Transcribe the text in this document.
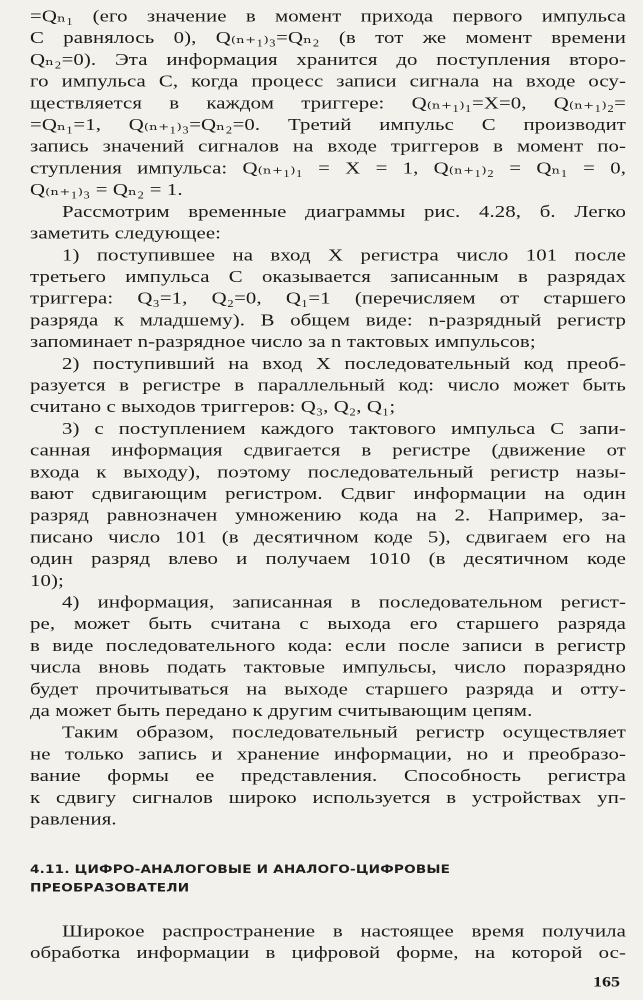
=Qₙ₁ (его значение в момент прихода первого импульса
C равнялось 0), Q₍ₙ₊₁₎₃=Qₙ₂ (в тот же момент времени
Qₙ₂=0). Эта информация хранится до поступления второ-
го импульса C, когда процесс записи сигнала на входе осу-
ществляется в каждом триггере: Q₍ₙ₊₁₎₁=X=0, Q₍ₙ₊₁₎₂=
=Qₙ₁=1, Q₍ₙ₊₁₎₃=Qₙ₂=0. Третий импульс C производит
запись значений сигналов на входе триггеров в момент по-
ступления импульса: Q₍ₙ₊₁₎₁ = X = 1, Q₍ₙ₊₁₎₂ = Qₙ₁ = 0,
Q₍ₙ₊₁₎₃ = Qₙ₂ = 1.
Рассмотрим временные диаграммы рис. 4.28, б. Легко
заметить следующее:
1) поступившее на вход X регистра число 101 после
третьего импульса C оказывается записанным в разрядах
триггера: Q₃=1, Q₂=0, Q₁=1 (перечисляем от старшего
разряда к младшему). В общем виде: n-разрядный регистр
запоминает n-разрядное число за n тактовых импульсов;
2) поступивший на вход X последовательный код преоб-
разуется в регистре в параллельный код: число может быть
считано с выходов триггеров: Q₃, Q₂, Q₁;
3) с поступлением каждого тактового импульса C запи-
санная информация сдвигается в регистре (движение от
входа к выходу), поэтому последовательный регистр назы-
вают сдвигающим регистром. Сдвиг информации на один
разряд равнозначен умножению кода на 2. Например, за-
писано число 101 (в десятичном коде 5), сдвигаем его на
один разряд влево и получаем 1010 (в десятичном коде
10);
4) информация, записанная в последовательном регист-
ре, может быть считана с выхода его старшего разряда
в виде последовательного кода: если после записи в регистр
числа вновь подать тактовые импульсы, число поразрядно
будет прочитываться на выходе старшего разряда и отту-
да может быть передано к другим считывающим цепям.
Таким образом, последовательный регистр осуществляет
не только запись и хранение информации, но и преобразо-
вание формы ее представления. Способность регистра
к сдвигу сигналов широко используется в устройствах уп-
равления.
4.11. ЦИФРО-АНАЛОГОВЫЕ И АНАЛОГО-ЦИФРОВЫЕ
ПРЕОБРАЗОВАТЕЛИ
Широкое распространение в настоящее время получила
обработка информации в цифровой форме, на которой ос-
165
